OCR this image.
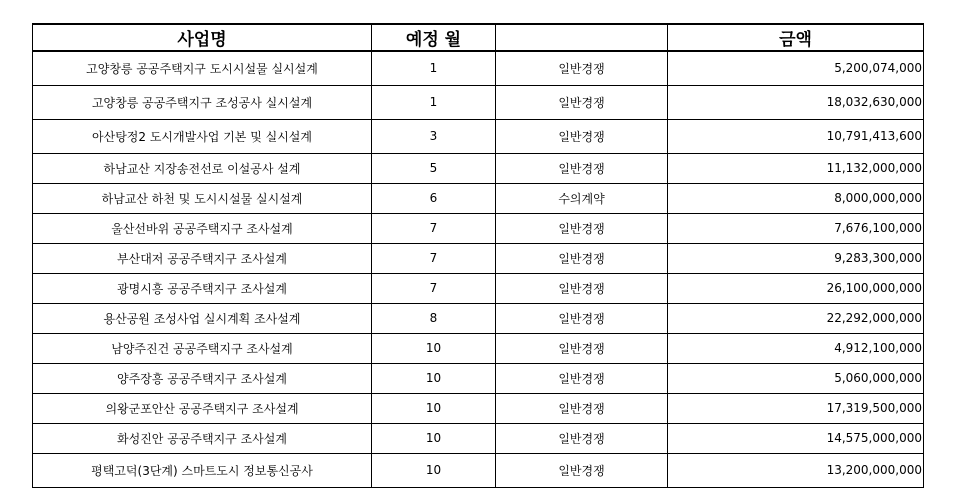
사업명	예정 월		금액
고양창릉 공공주택지구 도시시설물 실시설계	1	일반경쟁	5,200,074,000
고양창릉 공공주택지구 조성공사 실시설계	1	일반경쟁	18,032,630,000
아산탕정2 도시개발사업 기본 및 실시설계	3	일반경쟁	10,791,413,600
하남교산 지장송전선로 이설공사 설계	5	일반경쟁	11,132,000,000
하남교산 하천 및 도시시설물 실시설계	6	수의계약	8,000,000,000
울산선바위 공공주택지구 조사설계	7	일반경쟁	7,676,100,000
부산대저 공공주택지구 조사설계	7	일반경쟁	9,283,300,000
광명시흥 공공주택지구 조사설계	7	일반경쟁	26,100,000,000
용산공원 조성사업 실시계획 조사설계	8	일반경쟁	22,292,000,000
남양주진건 공공주택지구 조사설계	10	일반경쟁	4,912,100,000
양주장흥 공공주택지구 조사설계	10	일반경쟁	5,060,000,000
의왕군포안산 공공주택지구 조사설계	10	일반경쟁	17,319,500,000
화성진안 공공주택지구 조사설계	10	일반경쟁	14,575,000,000
평택고덕(3단계) 스마트도시 정보통신공사	10	일반경쟁	13,200,000,000
